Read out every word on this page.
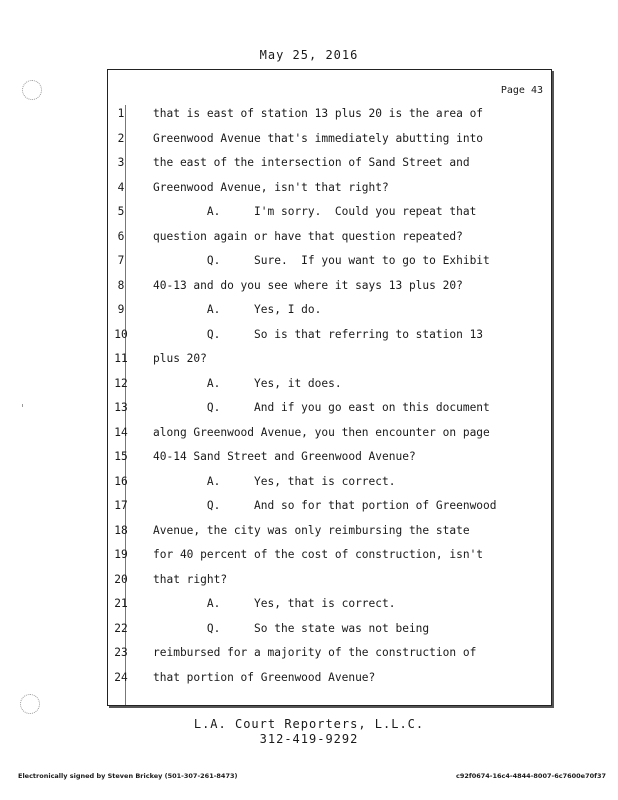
May 25, 2016
Page 43
1	that is east of station 13 plus 20 is the area of
2	Greenwood Avenue that's immediately abutting into
3	the east of the intersection of Sand Street and
4	Greenwood Avenue, isn't that right?
5	A.     I'm sorry.  Could you repeat that
6	question again or have that question repeated?
7	Q.     Sure.  If you want to go to Exhibit
8	40-13 and do you see where it says 13 plus 20?
9	A.     Yes, I do.
10	Q.     So is that referring to station 13
11	plus 20?
12	A.     Yes, it does.
13	Q.     And if you go east on this document
14	along Greenwood Avenue, you then encounter on page
15	40-14 Sand Street and Greenwood Avenue?
16	A.     Yes, that is correct.
17	Q.     And so for that portion of Greenwood
18	Avenue, the city was only reimbursing the state
19	for 40 percent of the cost of construction, isn't
20	that right?
21	A.     Yes, that is correct.
22	Q.     So the state was not being
23	reimbursed for a majority of the construction of
24	that portion of Greenwood Avenue?
L.A. Court Reporters, L.L.C.
312-419-9292
Electronically signed by Steven Brickey (501-307-261-8473)	c92f0674-16c4-4844-8007-6c7600e70f37
